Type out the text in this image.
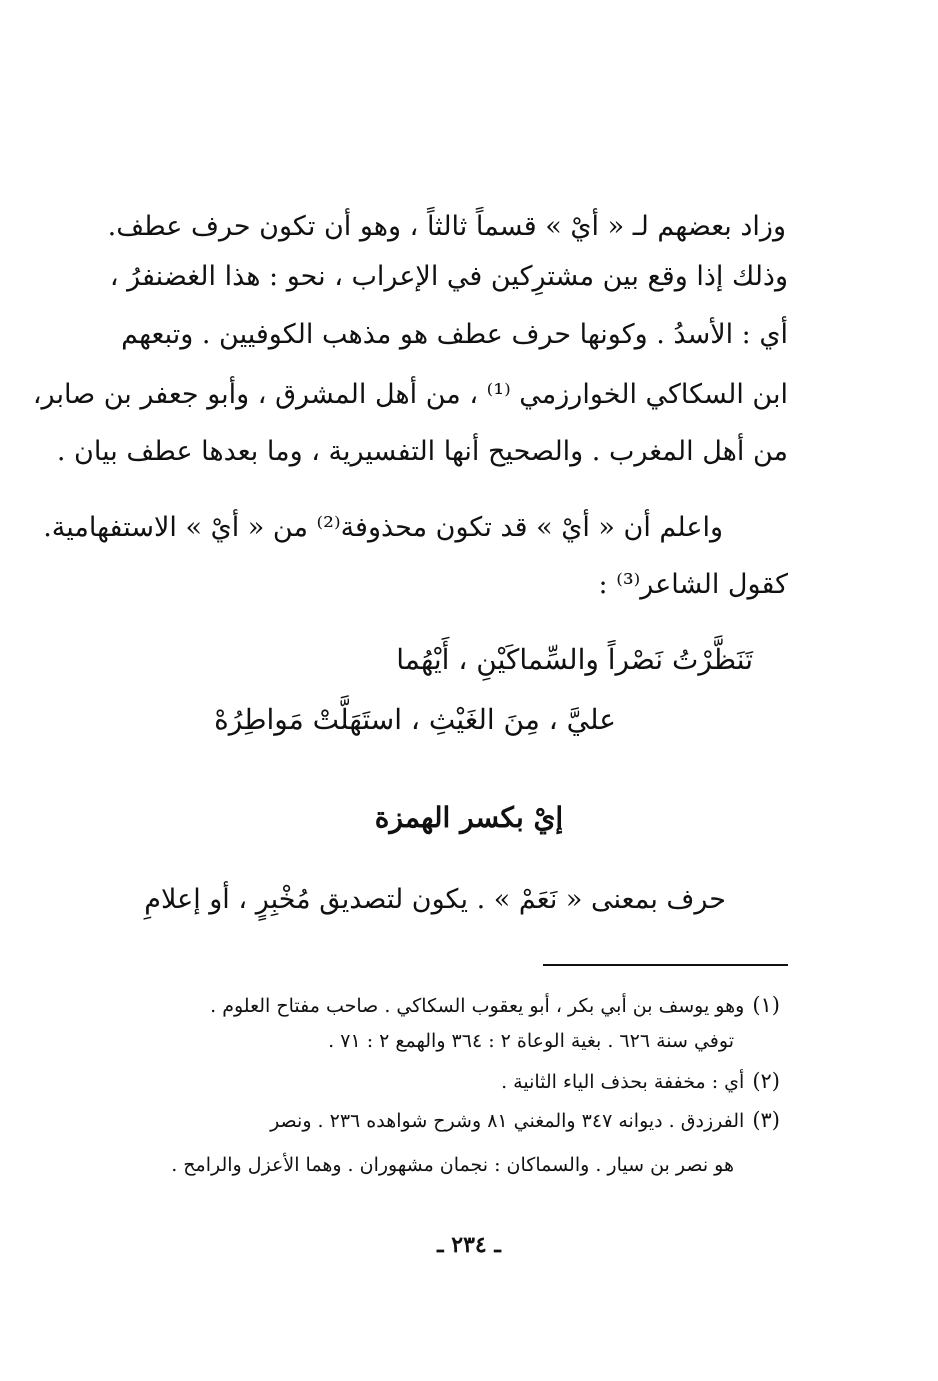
وزاد بعضهم لـ « أيْ » قسماً ثالثاً ، وهو أن تكون حرف عطف.
وذلك إذا وقع بين مشترِكين في الإعراب ، نحو : هذا الغضنفرُ ،
أي : الأسدُ . وكونها حرف عطف هو مذهب الكوفيين . وتبعهم
ابن السكاكي الخوارزمي ⁽¹⁾ ، من أهل المشرق ، وأبو جعفر بن صابر،
من أهل المغرب . والصحيح أنها التفسيرية ، وما بعدها عطف بيان .
واعلم أن « أيْ » قد تكون محذوفة⁽²⁾ من « أيْ » الاستفهامية.
كقول الشاعر⁽³⁾ :
تَنَظَّرْتُ نَصْراً والسِّماكَيْنِ ، أَيْهُما
عليَّ ، مِنَ الغَيْثِ ، استَهَلَّتْ مَواطِرُهْ
إيْ بكسر الهمزة
حرف بمعنى « نَعَمْ » . يكون لتصديق مُخْبِرٍ ، أو إعلامِ
(١)وهو يوسف بن أبي بكر ، أبو يعقوب السكاكي . صاحب مفتاح العلوم .
توفي سنة ٦٢٦ . بغية الوعاة ٢ : ٣٦٤ والهمع ٢ : ٧١ .
(٢)أي : مخففة بحذف الياء الثانية .
(٣)الفرزدق . ديوانه ٣٤٧ والمغني ٨١ وشرح شواهده ٢٣٦ . ونصر
هو نصر بن سيار . والسماكان : نجمان مشهوران . وهما الأعزل والرامح .
ـ ٢٣٤ ـ
